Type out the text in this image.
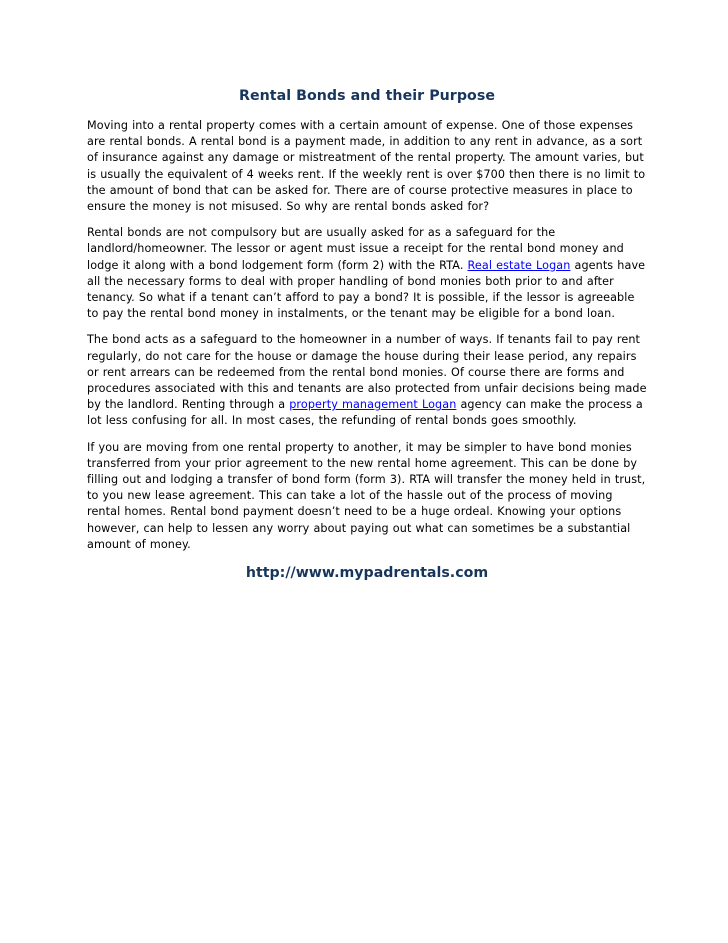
Rental Bonds and their Purpose

Moving into a rental property comes with a certain amount of expense. One of those expenses are rental bonds. A rental bond is a payment made, in addition to any rent in advance, as a sort of insurance against any damage or mistreatment of the rental property. The amount varies, but is usually the equivalent of 4 weeks rent. If the weekly rent is over $700 then there is no limit to the amount of bond that can be asked for. There are of course protective measures in place to ensure the money is not misused. So why are rental bonds asked for?

Rental bonds are not compulsory but are usually asked for as a safeguard for the landlord/homeowner. The lessor or agent must issue a receipt for the rental bond money and lodge it along with a bond lodgement form (form 2) with the RTA. Real estate Logan agents have all the necessary forms to deal with proper handling of bond monies both prior to and after tenancy. So what if a tenant can’t afford to pay a bond? It is possible, if the lessor is agreeable to pay the rental bond money in instalments, or the tenant may be eligible for a bond loan.

The bond acts as a safeguard to the homeowner in a number of ways. If tenants fail to pay rent regularly, do not care for the house or damage the house during their lease period, any repairs or rent arrears can be redeemed from the rental bond monies. Of course there are forms and procedures associated with this and tenants are also protected from unfair decisions being made by the landlord. Renting through a property management Logan agency can make the process a lot less confusing for all. In most cases, the refunding of rental bonds goes smoothly.

If you are moving from one rental property to another, it may be simpler to have bond monies transferred from your prior agreement to the new rental home agreement. This can be done by filling out and lodging a transfer of bond form (form 3). RTA will transfer the money held in trust, to you new lease agreement. This can take a lot of the hassle out of the process of moving rental homes. Rental bond payment doesn’t need to be a huge ordeal. Knowing your options however, can help to lessen any worry about paying out what can sometimes be a substantial amount of money.

http://www.mypadrentals.com
